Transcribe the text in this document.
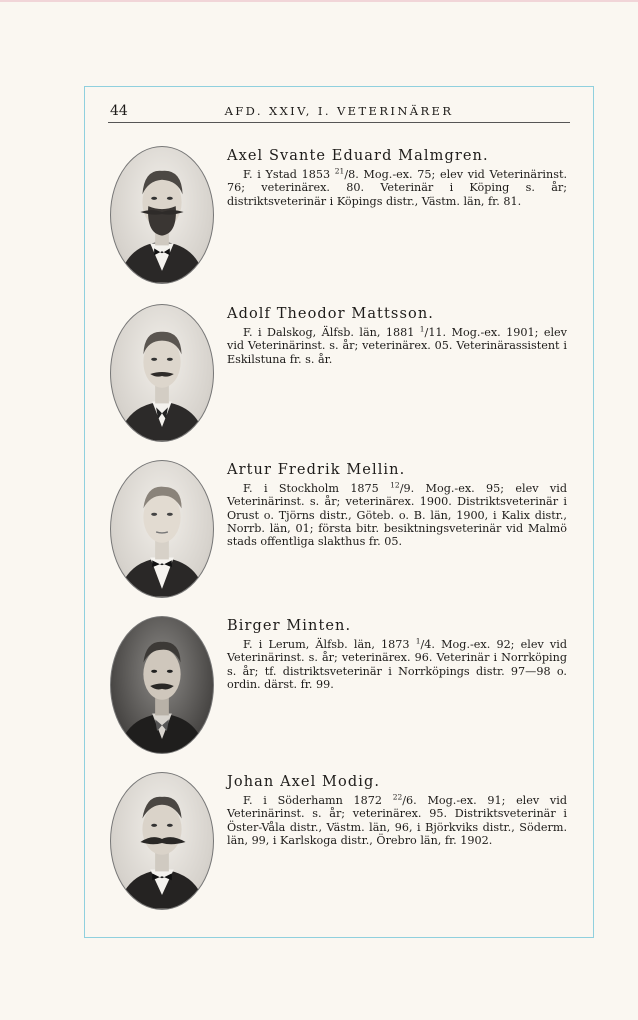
44	AFD. XXIV, I. VETERINÄRER
Axel Svante Eduard Malmgren.

F. i Ystad 1853 $^{21}$/8. Mog.-ex. 75; elev vid Veterinärinst. 76; veterinärex. 80. Veterinär i Köping s. år; distriktsveterinär i Köpings distr., Västm. län, fr. 81.

Adolf Theodor Mattsson.

F. i Dalskog, Älfsb. län, 1881 $^1$/11. Mog.-ex. 1901; elev vid Veterinärinst. s. år; veterinärex. 05. Veterinärassistent i Eskilstuna fr. s. år.

Artur Fredrik Mellin.

F. i Stockholm 1875 $^{12}$/9. Mog.-ex. 95; elev vid Veterinärinst. s. år; veterinärex. 1900. Distriktsveterinär i Orust o. Tjörns distr., Göteb. o. B. län, 1900, i Kalix distr., Norrb. län, 01; första bitr. besiktningsveterinär vid Malmö stads offentliga slakthus fr. 05.

Birger Minten.

F. i Lerum, Älfsb. län, 1873 $^1$/4. Mog.-ex. 92; elev vid Veterinärinst. s. år; veterinärex. 96. Veterinär i Norrköping s. år; tf. distriktsveterinär i Norrköpings distr. 97—98 o. ordin. därst. fr. 99.

Johan Axel Modig.

F. i Söderhamn 1872 $^{22}$/6. Mog.-ex. 91; elev vid Veterinärinst. s. år; veterinärex. 95. Distriktsveterinär i Öster-Våla distr., Västm. län, 96, i Björkviks distr., Söderm. län, 99, i Karlskoga distr., Örebro län, fr. 1902.
